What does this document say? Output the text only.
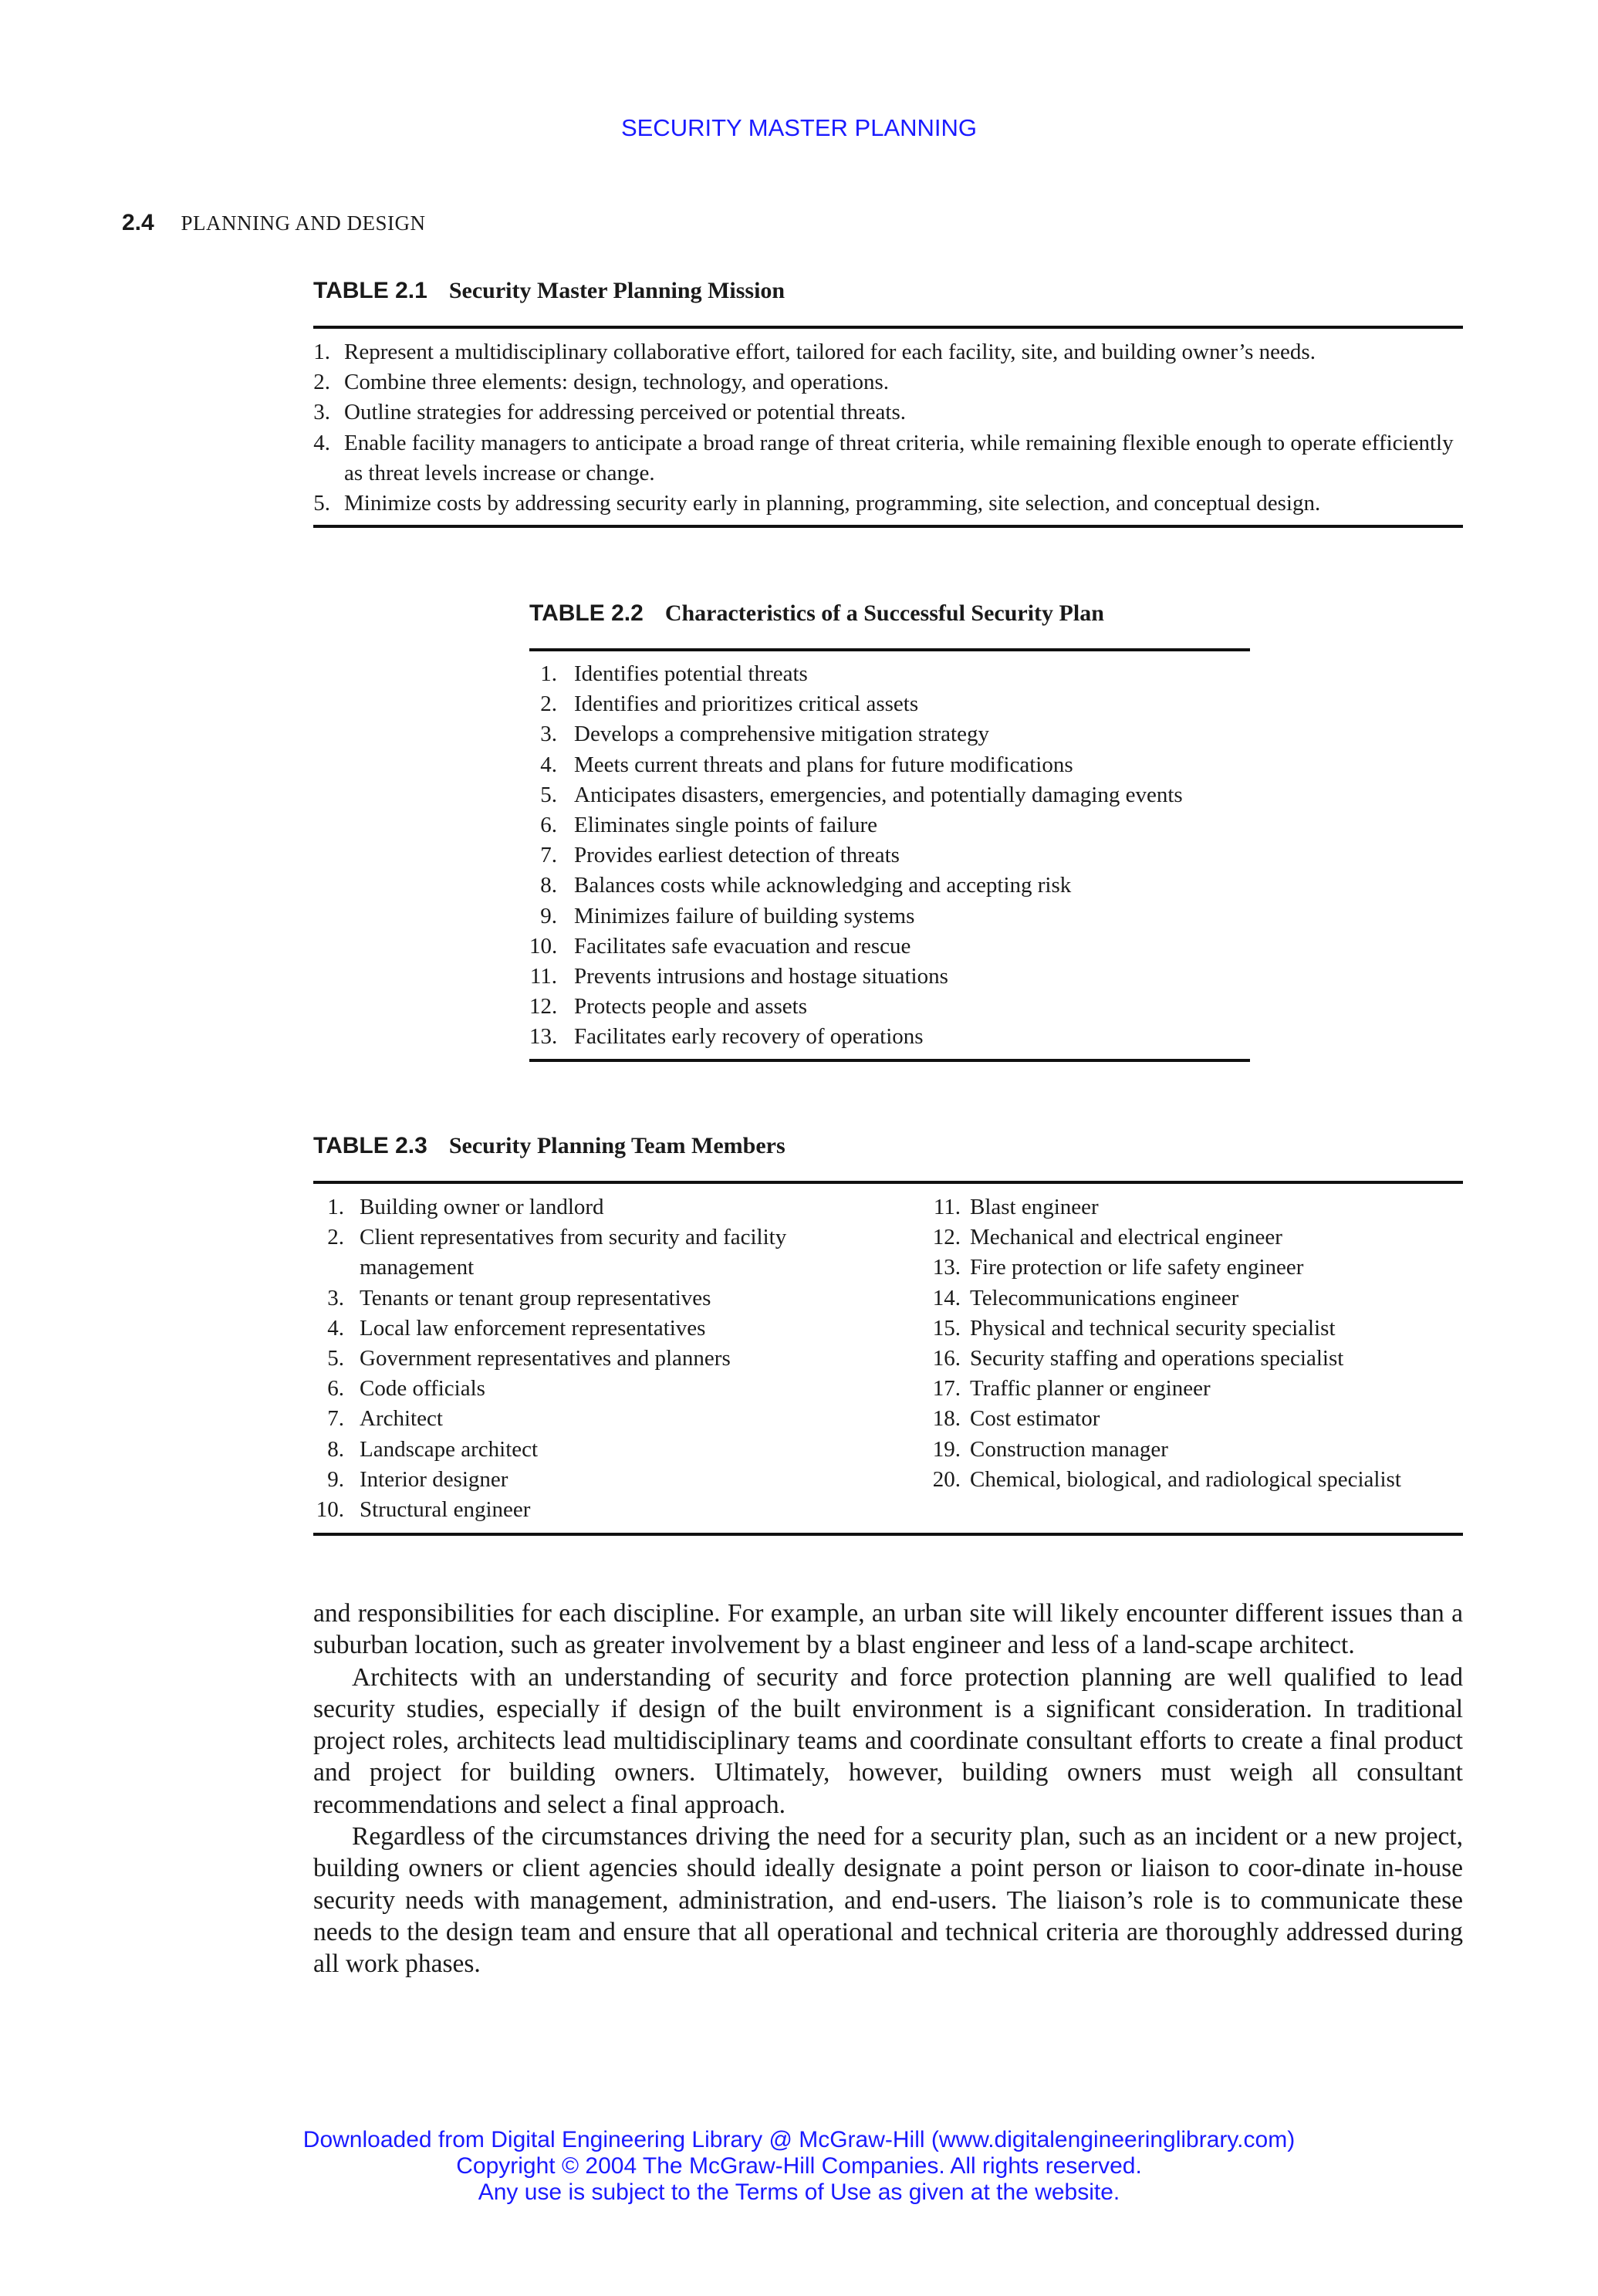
SECURITY MASTER PLANNING
2.4 PLANNING AND DESIGN
TABLE 2.1 Security Master Planning Mission
1. Represent a multidisciplinary collaborative effort, tailored for each facility, site, and building owner’s needs.
2. Combine three elements: design, technology, and operations.
3. Outline strategies for addressing perceived or potential threats.
4. Enable facility managers to anticipate a broad range of threat criteria, while remaining flexible enough to operate efficiently as threat levels increase or change.
5. Minimize costs by addressing security early in planning, programming, site selection, and conceptual design.
TABLE 2.2 Characteristics of a Successful Security Plan
1. Identifies potential threats
2. Identifies and prioritizes critical assets
3. Develops a comprehensive mitigation strategy
4. Meets current threats and plans for future modifications
5. Anticipates disasters, emergencies, and potentially damaging events
6. Eliminates single points of failure
7. Provides earliest detection of threats
8. Balances costs while acknowledging and accepting risk
9. Minimizes failure of building systems
10. Facilitates safe evacuation and rescue
11. Prevents intrusions and hostage situations
12. Protects people and assets
13. Facilitates early recovery of operations
TABLE 2.3 Security Planning Team Members
1. Building owner or landlord
2. Client representatives from security and facility management
3. Tenants or tenant group representatives
4. Local law enforcement representatives
5. Government representatives and planners
6. Code officials
7. Architect
8. Landscape architect
9. Interior designer
10. Structural engineer
11. Blast engineer
12. Mechanical and electrical engineer
13. Fire protection or life safety engineer
14. Telecommunications engineer
15. Physical and technical security specialist
16. Security staffing and operations specialist
17. Traffic planner or engineer
18. Cost estimator
19. Construction manager
20. Chemical, biological, and radiological specialist

and responsibilities for each discipline. For example, an urban site will likely encounter different issues than a suburban location, such as greater involvement by a blast engineer and less of a land-scape architect.

Architects with an understanding of security and force protection planning are well qualified to lead security studies, especially if design of the built environment is a significant consideration. In traditional project roles, architects lead multidisciplinary teams and coordinate consultant efforts to create a final product and project for building owners. Ultimately, however, building owners must weigh all consultant recommendations and select a final approach.

Regardless of the circumstances driving the need for a security plan, such as an incident or a new project, building owners or client agencies should ideally designate a point person or liaison to coor-dinate in-house security needs with management, administration, and end-users. The liaison’s role is to communicate these needs to the design team and ensure that all operational and technical criteria are thoroughly addressed during all work phases.

Downloaded from Digital Engineering Library @ McGraw-Hill (www.digitalengineeringlibrary.com)
Copyright © 2004 The McGraw-Hill Companies. All rights reserved.
Any use is subject to the Terms of Use as given at the website.
